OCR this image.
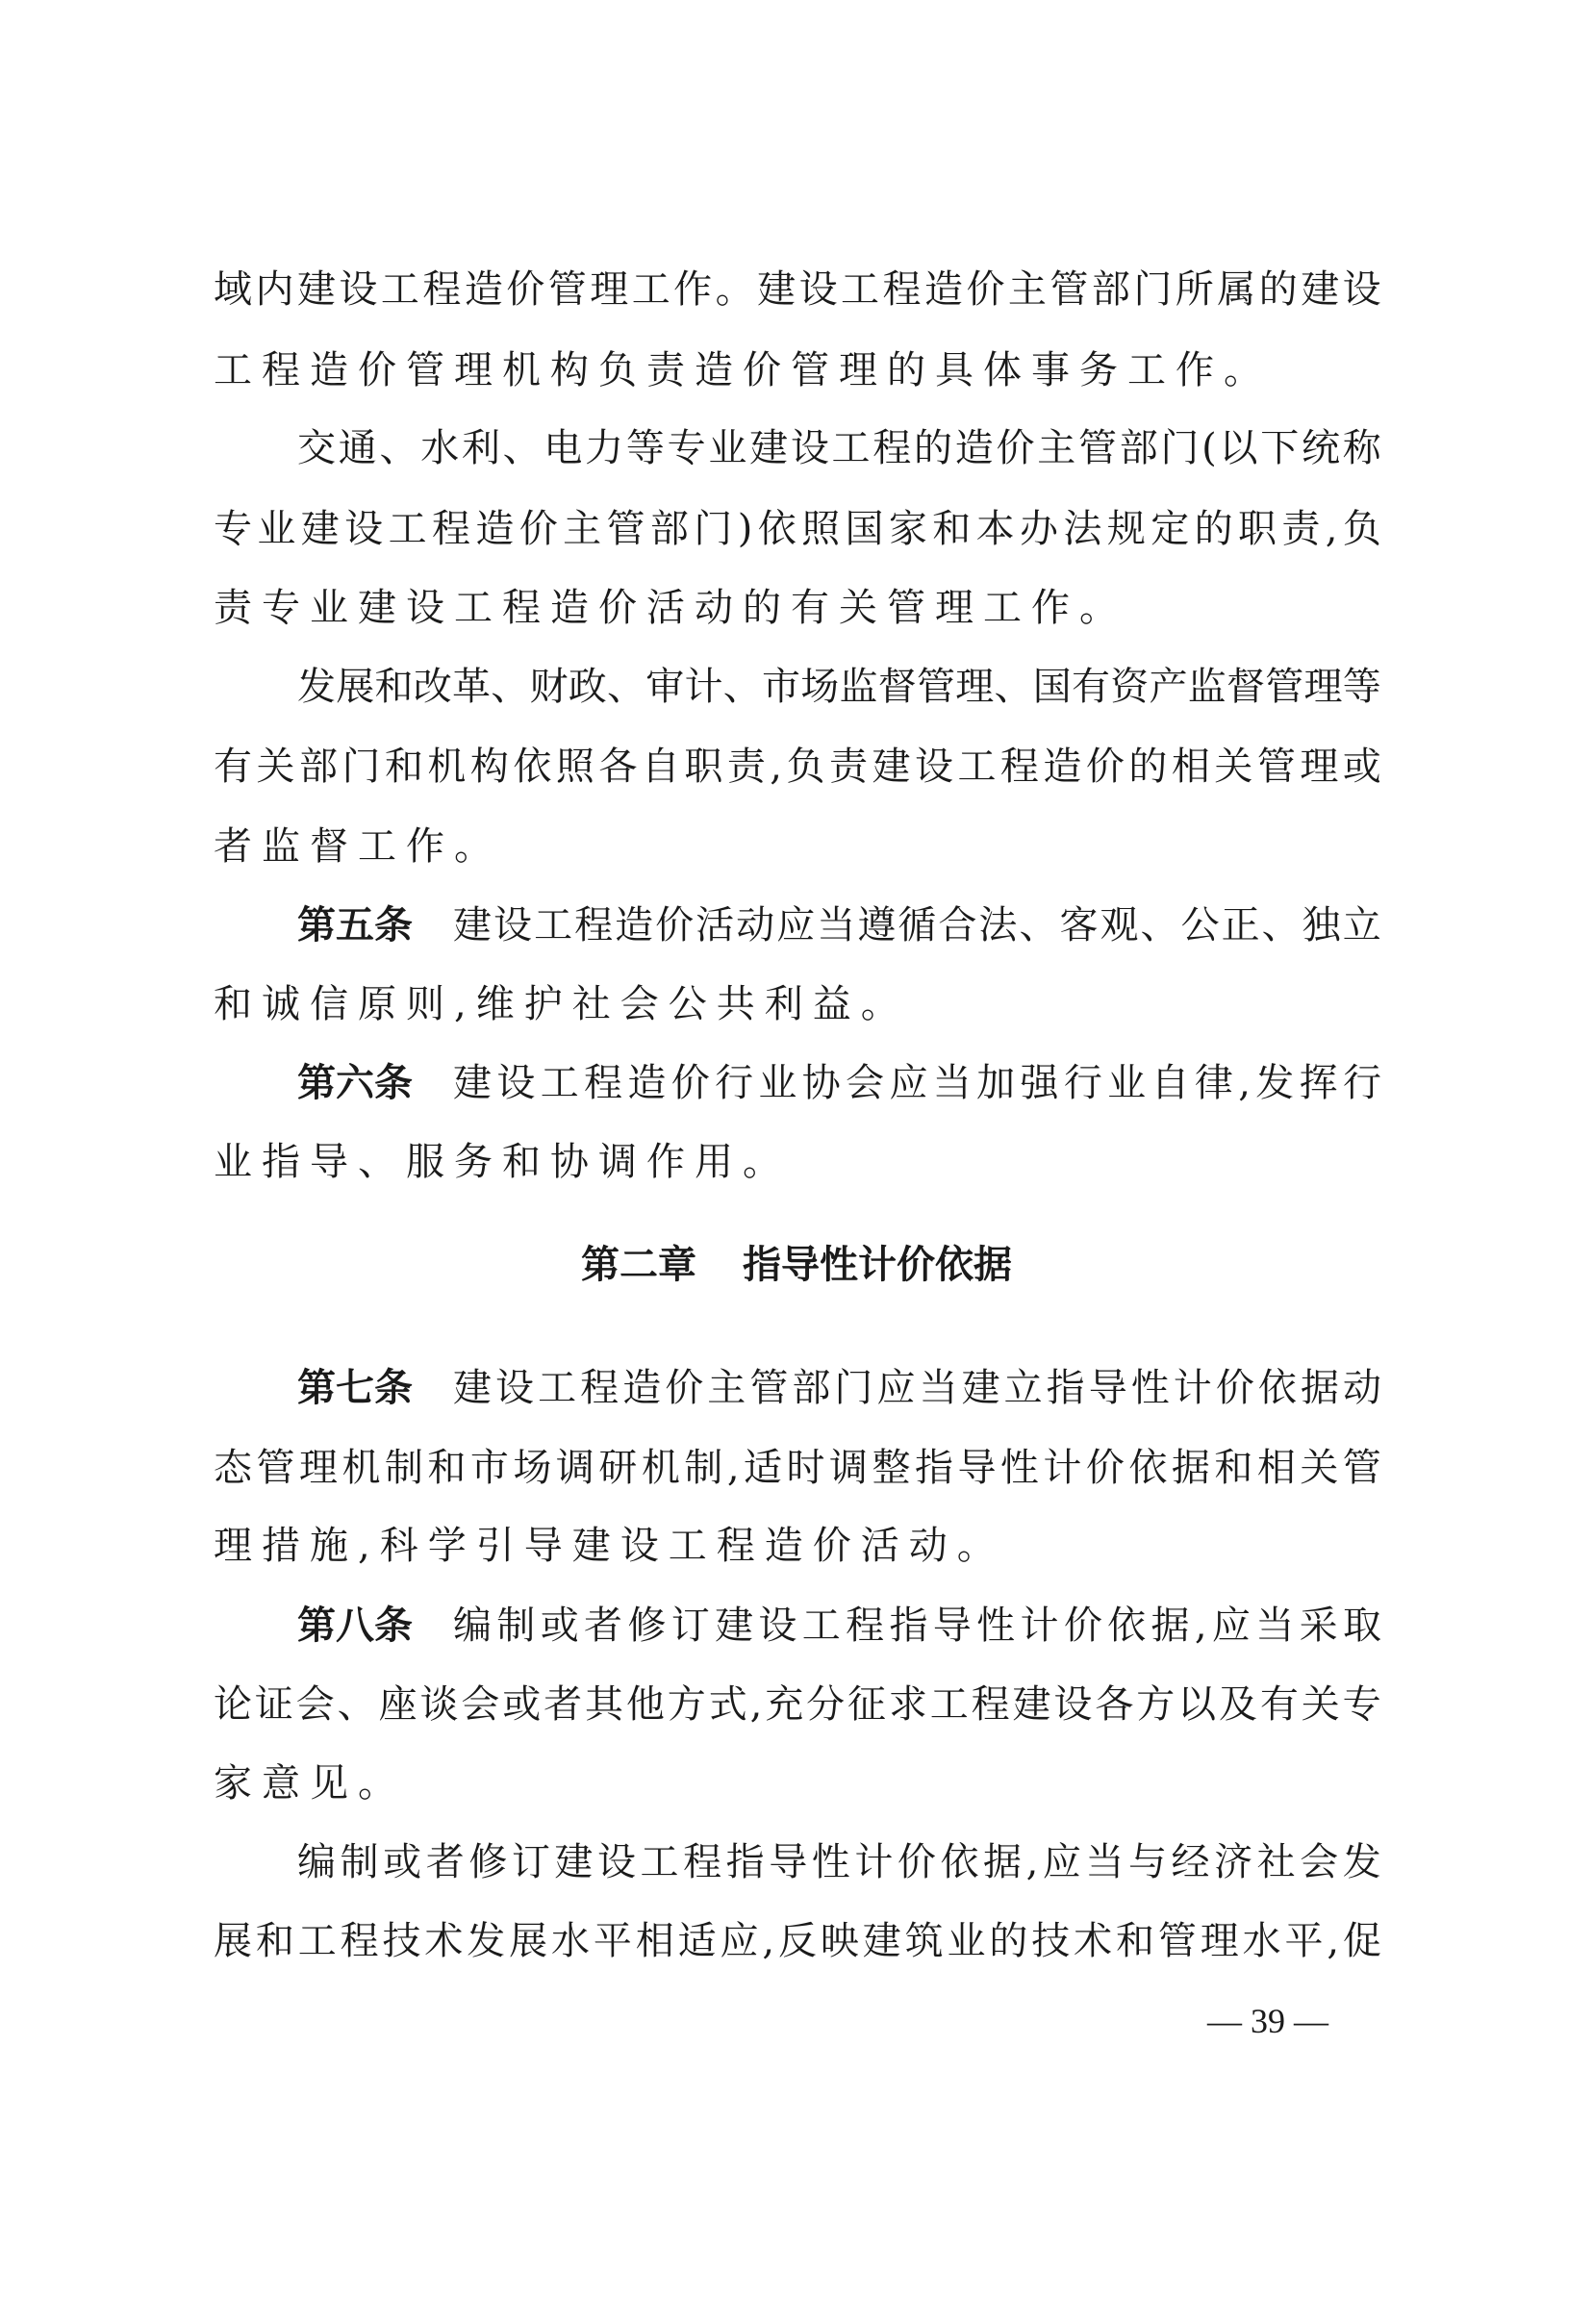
域 内 建 设 工 程 造 价 管 理 工 作 。 建 设 工 程 造 价 主 管 部 门 所 属 的 建 设
工程造价管理机构负责造价管理的具体事务工作。
交 通 、 水 利 、 电 力 等 专 业 建 设 工 程 的 造 价 主 管 部 门 ( 以 下 统 称
专 业 建 设 工 程 造 价 主 管 部 门 ) 依 照 国 家 和 本 办 法 规 定 的 职 责 , 负
责专业建设工程造价活动的有关管理工作。
发 展 和 改 革 、 财 政 、 审 计 、 市 场 监 督 管 理 、 国 有 资 产 监 督 管 理 等
有 关 部 门 和 机 构 依 照 各 自 职 责 , 负 责 建 设 工 程 造 价 的 相 关 管 理 或
者监督工作。
第五条 建 设 工 程 造 价 活 动 应 当 遵 循 合 法 、 客 观 、 公 正 、 独 立
和诚信原则,维护社会公共利益。
第六条 建 设 工 程 造 价 行 业 协 会 应 当 加 强 行 业 自 律 , 发 挥 行
业指导、服务和协调作用。
第二章 指导性计价依据
第七条 建 设 工 程 造 价 主 管 部 门 应 当 建 立 指 导 性 计 价 依 据 动
态 管 理 机 制 和 市 场 调 研 机 制 , 适 时 调 整 指 导 性 计 价 依 据 和 相 关 管
理措施,科学引导建设工程造价活动。
第八条 编 制 或 者 修 订 建 设 工 程 指 导 性 计 价 依 据 , 应 当 采 取
论 证 会 、 座 谈 会 或 者 其 他 方 式 , 充 分 征 求 工 程 建 设 各 方 以 及 有 关 专
家意见。
编 制 或 者 修 订 建 设 工 程 指 导 性 计 价 依 据 , 应 当 与 经 济 社 会 发
展 和 工 程 技 术 发 展 水 平 相 适 应 , 反 映 建 筑 业 的 技 术 和 管 理 水 平 , 促
— 39 —
